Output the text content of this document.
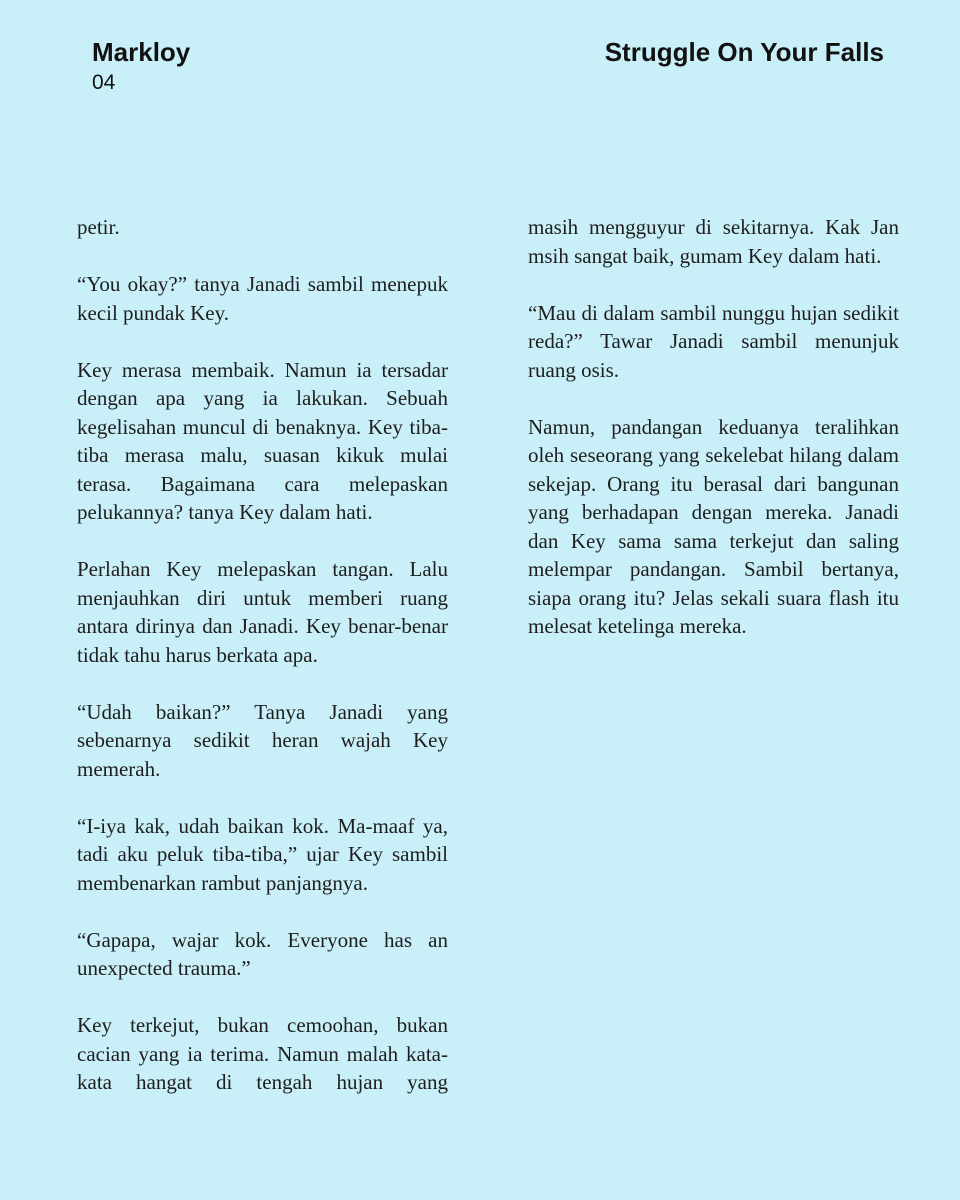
Markloy
04
Struggle On Your Falls

petir.

“You okay?” tanya Janadi sambil menepuk kecil pundak Key.

Key merasa membaik. Namun ia tersadar dengan apa yang ia lakukan. Sebuah kegelisahan muncul di benaknya. Key tiba-tiba merasa malu, suasan kikuk mulai terasa. Bagaimana cara melepaskan pelukannya? tanya Key dalam hati.

Perlahan Key melepaskan tangan. Lalu menjauhkan diri untuk memberi ruang antara dirinya dan Janadi. Key benar-benar tidak tahu harus berkata apa.

“Udah baikan?” Tanya Janadi yang sebenarnya sedikit heran wajah Key memerah.

“I-iya kak, udah baikan kok. Ma-maaf ya, tadi aku peluk tiba-tiba,” ujar Key sambil membenarkan rambut panjangnya.

“Gapapa, wajar kok. Everyone has an unexpected trauma.”

Key terkejut, bukan cemoohan, bukan cacian yang ia terima. Namun malah kata-kata hangat di tengah hujan yang

masih mengguyur di sekitarnya. Kak Jan msih sangat baik, gumam Key dalam hati.

“Mau di dalam sambil nunggu hujan sedikit reda?” Tawar Janadi sambil menunjuk ruang osis.

Namun, pandangan keduanya teralihkan oleh seseorang yang sekelebat hilang dalam sekejap. Orang itu berasal dari bangunan yang berhadapan dengan mereka. Janadi dan Key sama sama terkejut dan saling melempar pandangan. Sambil bertanya, siapa orang itu? Jelas sekali suara flash itu melesat ketelinga mereka.
